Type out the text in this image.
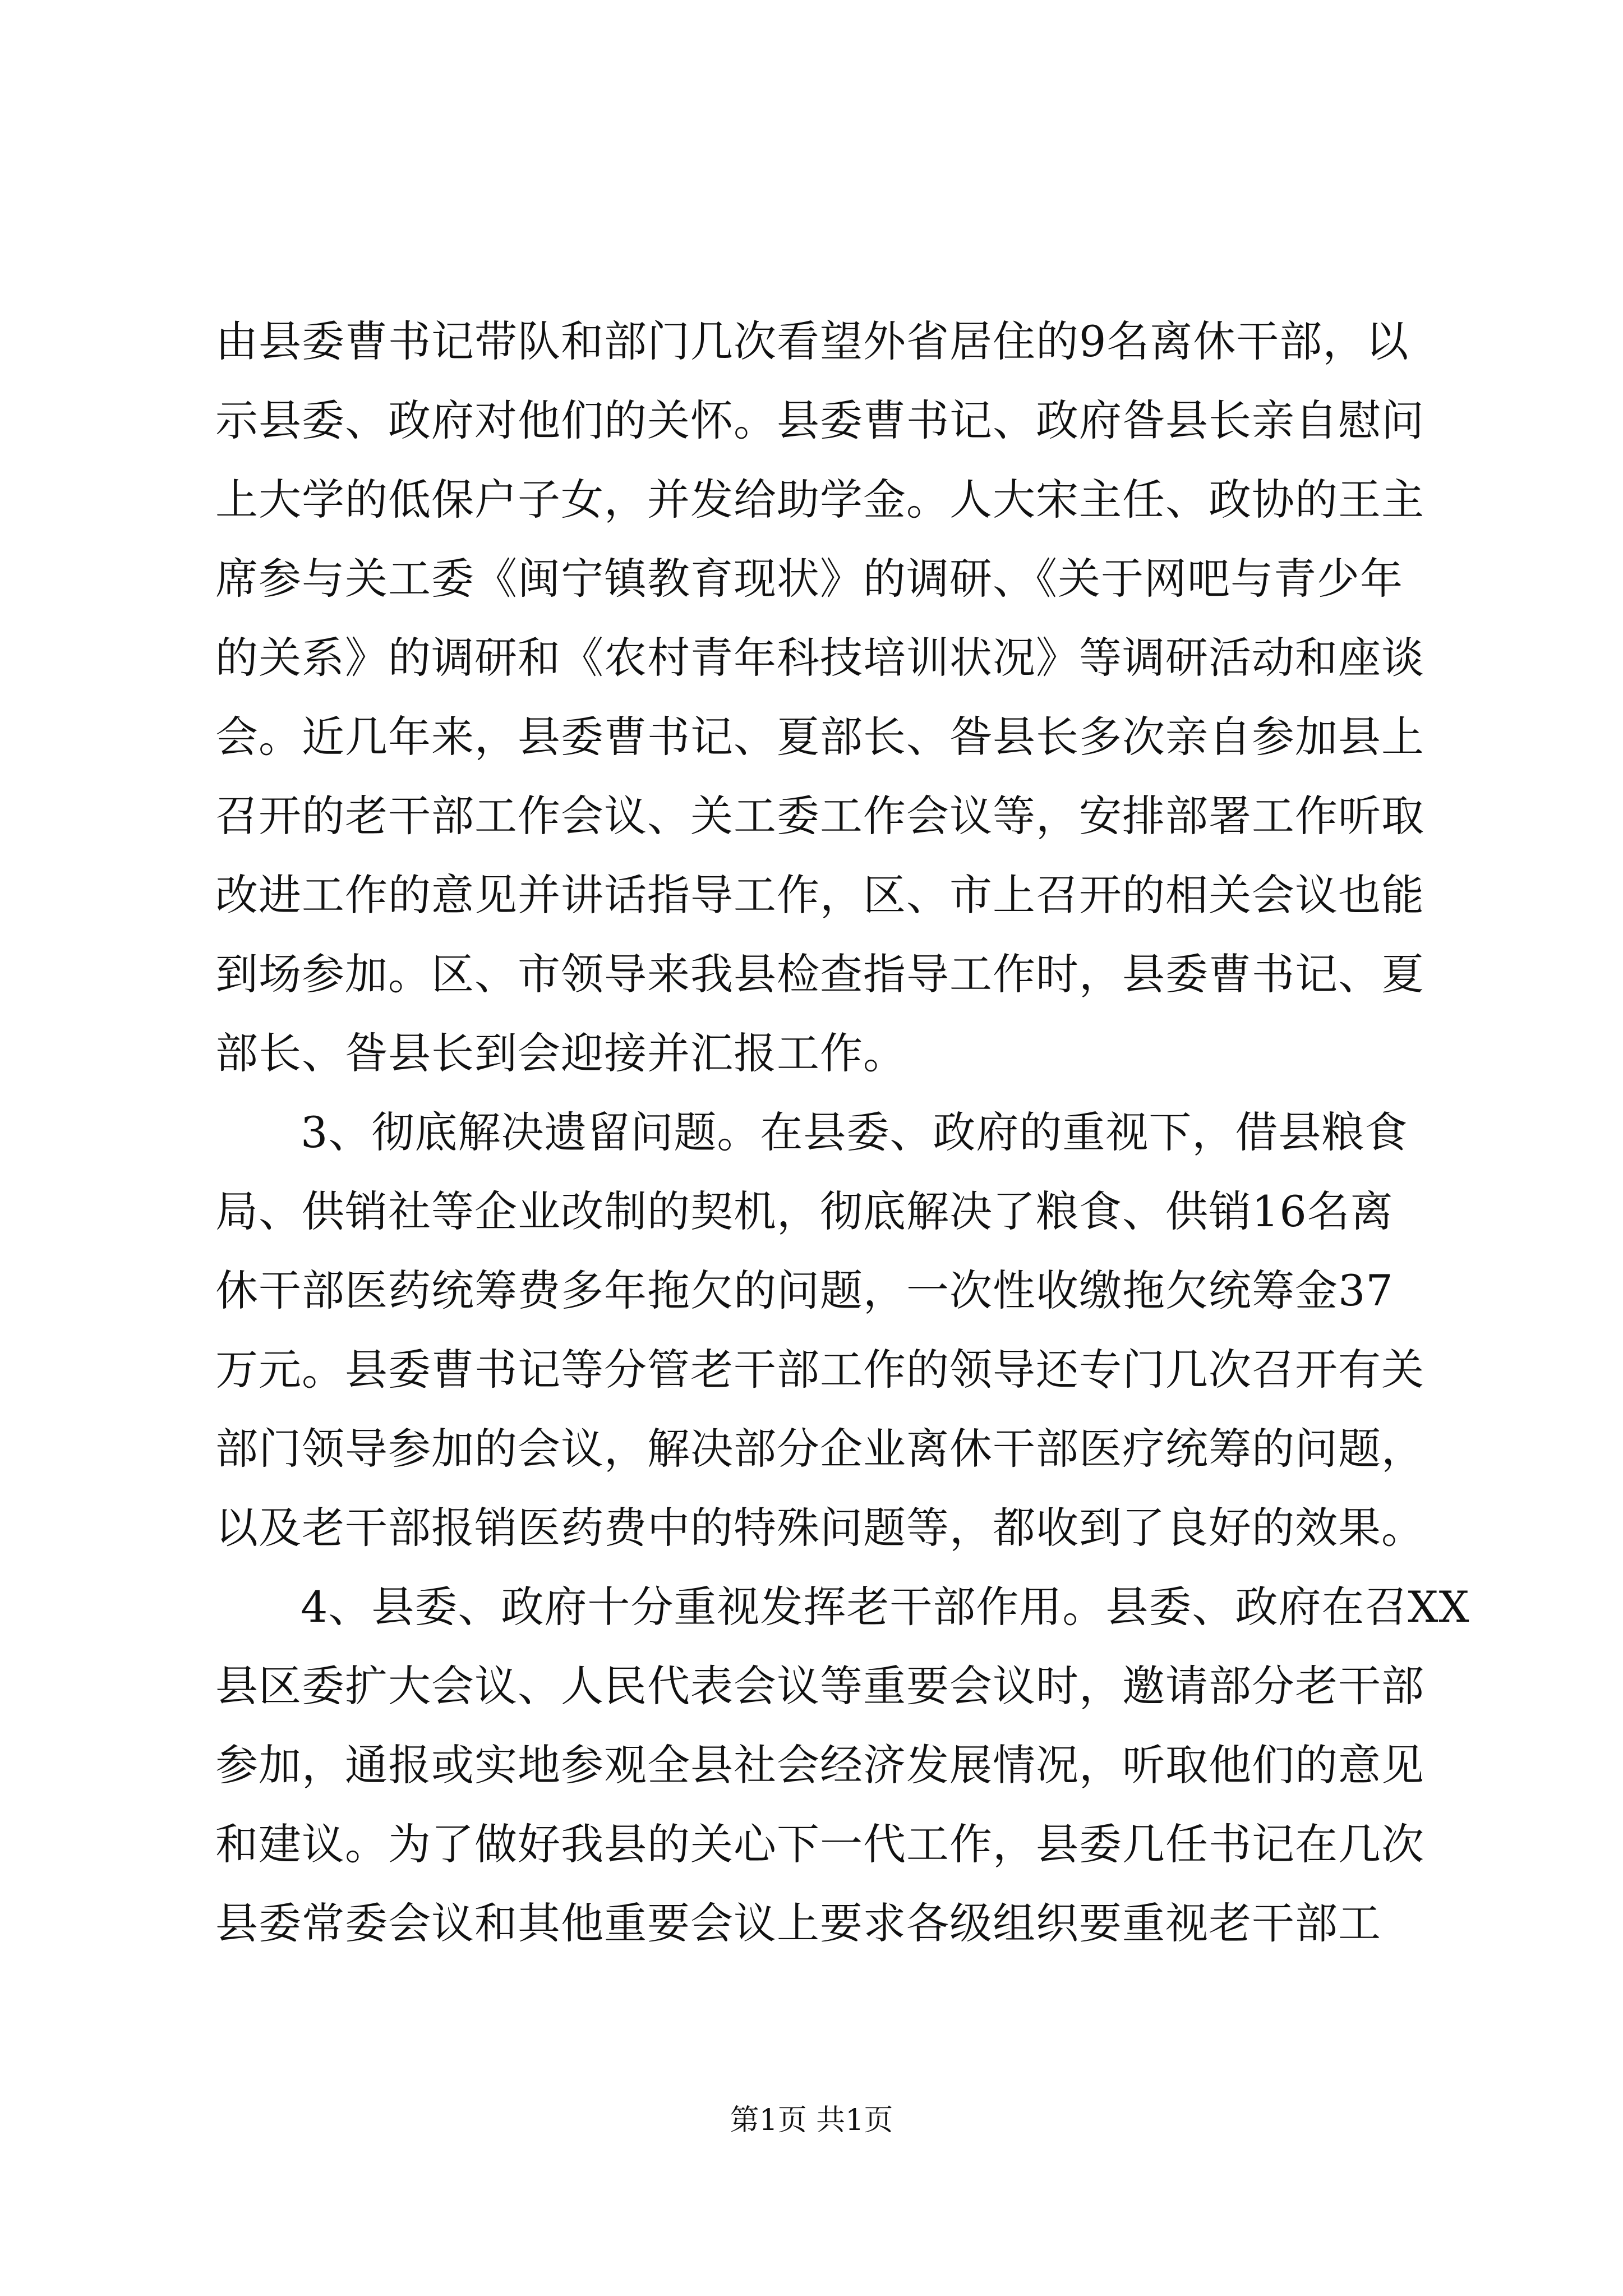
由县委曹书记带队和部门几次看望外省居住的9名离休干部，以
示县委、政府对他们的关怀。县委曹书记、政府昝县长亲自慰问
上大学的低保户子女，并发给助学金。人大宋主任、政协的王主
席参与关工委《闽宁镇教育现状》的调研、《关于网吧与青少年
的关系》的调研和《农村青年科技培训状况》等调研活动和座谈
会。近几年来，县委曹书记、夏部长、昝县长多次亲自参加县上
召开的老干部工作会议、关工委工作会议等，安排部署工作听取
改进工作的意见并讲话指导工作，区、市上召开的相关会议也能
到场参加。区、市领导来我县检查指导工作时，县委曹书记、夏
部长、昝县长到会迎接并汇报工作。
3、彻底解决遗留问题。在县委、政府的重视下，借县粮食
局、供销社等企业改制的契机，彻底解决了粮食、供销16名离
休干部医药统筹费多年拖欠的问题，一次性收缴拖欠统筹金37
万元。县委曹书记等分管老干部工作的领导还专门几次召开有关
部门领导参加的会议，解决部分企业离休干部医疗统筹的问题，
以及老干部报销医药费中的特殊问题等，都收到了良好的效果。
4、县委、政府十分重视发挥老干部作用。县委、政府在召XX
县区委扩大会议、人民代表会议等重要会议时，邀请部分老干部
参加，通报或实地参观全县社会经济发展情况，听取他们的意见
和建议。为了做好我县的关心下一代工作，县委几任书记在几次
县委常委会议和其他重要会议上要求各级组织要重视老干部工
第1页 共1页
